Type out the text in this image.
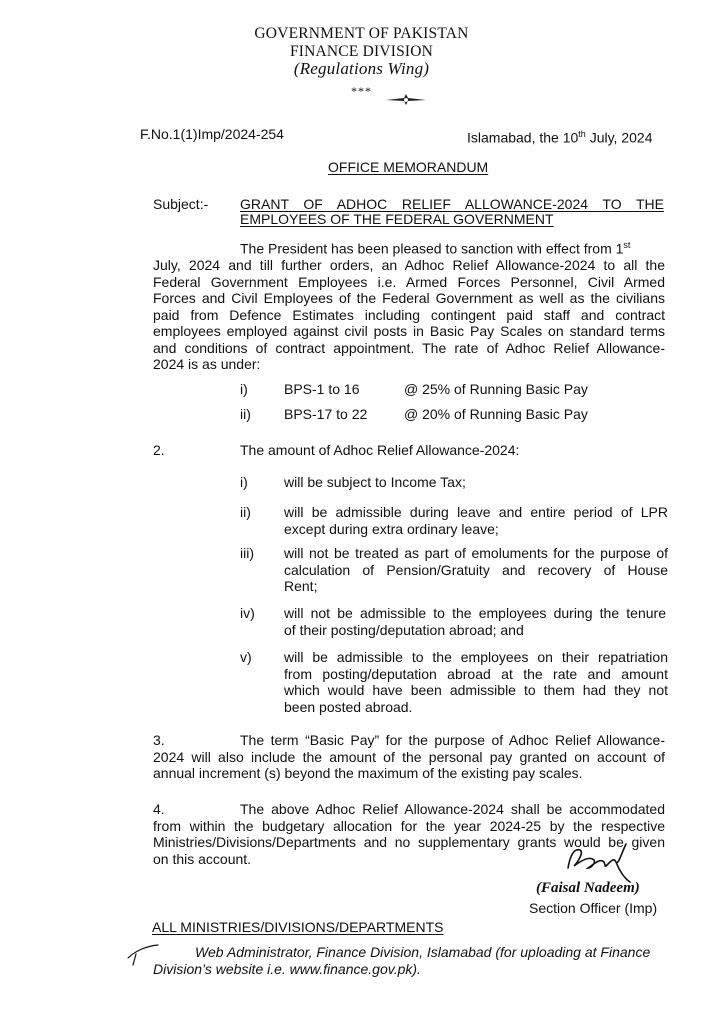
GOVERNMENT OF PAKISTAN
FINANCE DIVISION
(Regulations Wing)
***
F.No.1(1)Imp/2024-254	Islamabad, the 10th July, 2024
OFFICE MEMORANDUM
Subject:- GRANT OF ADHOC RELIEF ALLOWANCE-2024 TO THE
EMPLOYEES OF THE FEDERAL GOVERNMENT
The President has been pleased to sanction with effect from 1st
July, 2024 and till further orders, an Adhoc Relief Allowance-2024 to all the
Federal Government Employees i.e. Armed Forces Personnel, Civil Armed
Forces and Civil Employees of the Federal Government as well as the civilians
paid from Defence Estimates including contingent paid staff and contract
employees employed against civil posts in Basic Pay Scales on standard terms
and conditions of contract appointment. The rate of Adhoc Relief Allowance-
2024 is as under:
i)	BPS-1 to 16	@ 25% of Running Basic Pay
ii) BPS-17 to 22	@ 20% of Running Basic Pay
2.	The amount of Adhoc Relief Allowance-2024:
i)	will be subject to Income Tax;
ii) will be admissible during leave and entire period of LPR
except during extra ordinary leave;
iii) will not be treated as part of emoluments for the purpose of
calculation of Pension/Gratuity and recovery of House
Rent;
iv) will not be admissible to the employees during the tenure
of their posting/deputation abroad; and
v) will be admissible to the employees on their repatriation
from posting/deputation abroad at the rate and amount
which would have been admissible to them had they not
been posted abroad.
3.	The term “Basic Pay” for the purpose of Adhoc Relief Allowance-
2024 will also include the amount of the personal pay granted on account of
annual increment (s) beyond the maximum of the existing pay scales.
4.	The above Adhoc Relief Allowance-2024 shall be accommodated
from within the budgetary allocation for the year 2024-25 by the respective
Ministries/Divisions/Departments and no supplementary grants would be given
on this account.
(Faisal Nadeem)
Section Officer (Imp)
ALL MINISTRIES/DIVISIONS/DEPARTMENTS
Web Administrator, Finance Division, Islamabad (for uploading at Finance
Division’s website i.e. www.finance.gov.pk).
